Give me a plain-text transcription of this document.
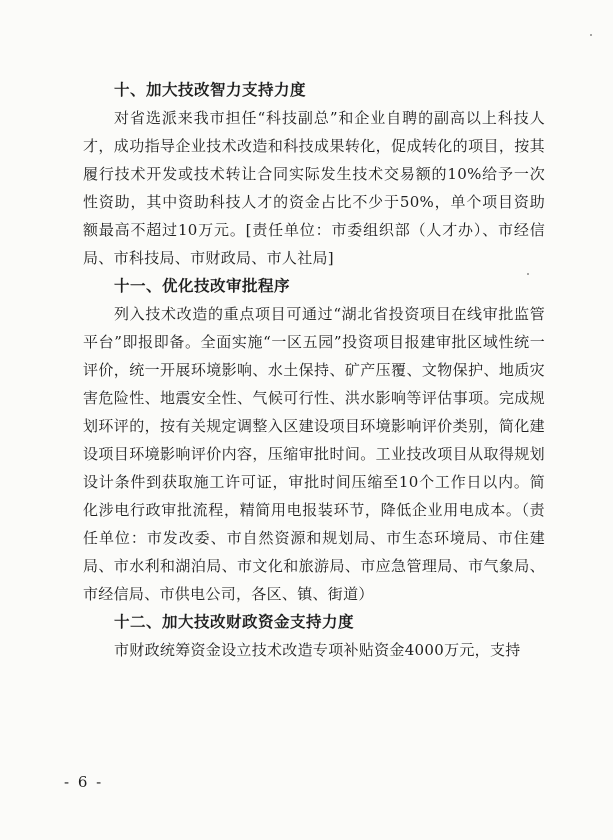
十、加大技改智力支持力度

对省选派来我市担任“科技副总”和企业自聘的副高以上科技人才，成功指导企业技术改造和科技成果转化，促成转化的项目，按其履行技术开发或技术转让合同实际发生技术交易额的10%给予一次性资助，其中资助科技人才的资金占比不少于50%，单个项目资助额最高不超过10万元。[责任单位：市委组织部（人才办）、市经信局、市科技局、市财政局、市人社局]

十一、优化技改审批程序

列入技术改造的重点项目可通过“湖北省投资项目在线审批监管平台”即报即备。全面实施“一区五园”投资项目报建审批区域性统一评价，统一开展环境影响、水土保持、矿产压覆、文物保护、地质灾害危险性、地震安全性、气候可行性、洪水影响等评估事项。完成规划环评的，按有关规定调整入区建设项目环境影响评价类别，简化建设项目环境影响评价内容，压缩审批时间。工业技改项目从取得规划设计条件到获取施工许可证，审批时间压缩至10个工作日以内。简化涉电行政审批流程，精简用电报装环节，降低企业用电成本。（责任单位：市发改委、市自然资源和规划局、市生态环境局、市住建局、市水利和湖泊局、市文化和旅游局、市应急管理局、市气象局、市经信局、市供电公司，各区、镇、街道）

十二、加大技改财政资金支持力度

市财政统筹资金设立技术改造专项补贴资金4000万元，支持

- 6 -
